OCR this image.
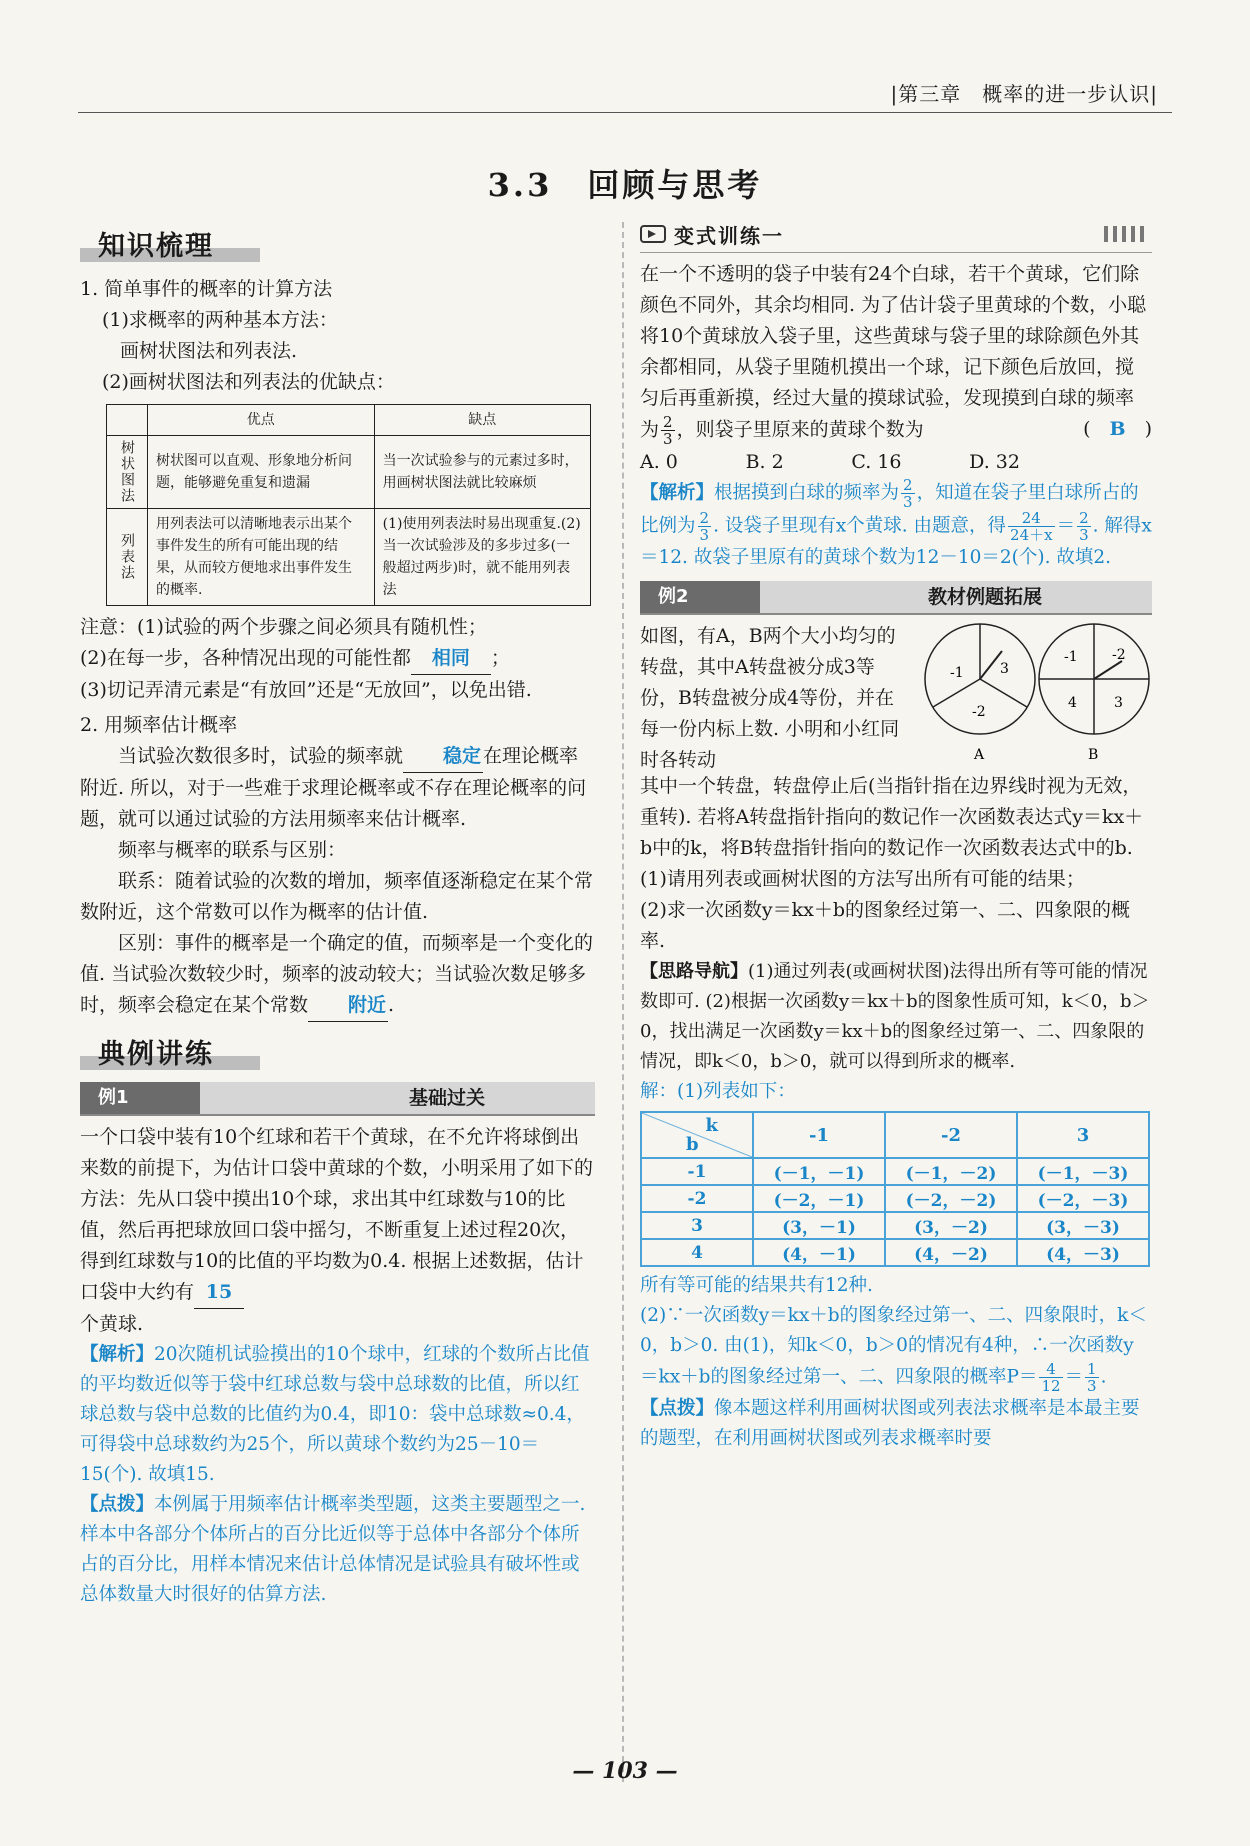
|第三章　概率的进一步认识|
3.3　回顾与思考
知识梳理

1. 简单事件的概率的计算方法

(1)求概率的两种基本方法：

画树状图法和列表法.

(2)画树状图法和列表法的优缺点：

	优点	缺点
树状图法	树状图可以直观、形象地分析问题，能够避免重复和遗漏	当一次试验参与的元素过多时，用画树状图法就比较麻烦
列表法	用列表法可以清晰地表示出某个事件发生的所有可能出现的结果，从而较方便地求出事件发生的概率.	(1)使用列表法时易出现重复.(2)当一次试验涉及的多步过多(一般超过两步)时，就不能用列表法

注意：(1)试验的两个步骤之间必须具有随机性；

(2)在每一步，各种情况出现的可能性都 相同 ；

(3)切记弄清元素是“有放回”还是“无放回”，以免出错.

2. 用频率估计概率

当试验次数很多时，试验的频率就 稳定 在理论概率附近. 所以，对于一些难于求理论概率或不存在理论概率的问题，就可以通过试验的方法用频率来估计概率.

频率与概率的联系与区别：

联系：随着试验的次数的增加，频率值逐渐稳定在某个常数附近，这个常数可以作为概率的估计值.

区别：事件的概率是一个确定的值，而频率是一个变化的值. 当试验次数较少时，频率的波动较大；当试验次数足够多时，频率会稳定在某个常数 附近 .

典例讲练
例1	基础过关

一个口袋中装有10个红球和若干个黄球，在不允许将球倒出来数的前提下，为估计口袋中黄球的个数，小明采用了如下的方法：先从口袋中摸出10个球，求出其中红球数与10的比值，然后再把球放回口袋中摇匀，不断重复上述过程20次，得到红球数与10的比值的平均数为0.4. 根据上述数据，估计口袋中大约有 15

个黄球.

【解析】20次随机试验摸出的10个球中，红球的个数所占比值的平均数近似等于袋中红球总数与袋中总球数的比值，所以红球总数与袋中总数的比值约为0.4，即10：袋中总球数≈0.4，可得袋中总球数约为25个，所以黄球个数约为25－10＝15(个). 故填15.

【点拨】本例属于用频率估计概率类型题，这类主要题型之一. 样本中各部分个体所占的百分比近似等于总体中各部分个体所占的百分比，用样本情况来估计总体情况是试验具有破坏性或总体数量大时很好的估算方法.

变式训练一

在一个不透明的袋子中装有24个白球，若干个黄球，它们除颜色不同外，其余均相同. 为了估计袋子里黄球的个数，小聪将10个黄球放入袋子里，这些黄球与袋子里的球除颜色外其余都相同，从袋子里随机摸出一个球，记下颜色后放回，搅匀后再重新摸，经过大量的摸球试验，发现摸到白球的频率为 $\frac{2}{3}$ ，则袋子里原来的黄球个数为	(　B　)

A. 0	B. 2	C. 16	D. 32

【解析】根据摸到白球的频率为 $\frac{2}{3}$ ，知道在袋子里白球所占的比例为 $\frac{2}{3}$ . 设袋子里现有x个黄球. 由题意，得 $\frac{24}{24+x} = \frac{2}{3}$ . 解得x＝12. 故袋子里原有的黄球个数为12－10＝2(个). 故填2.

例2	教材例题拓展

如图，有A，B两个大小均匀的转盘，其中A转盘被分成3等份，B转盘被分成4等份，并在每一份内标上数. 小明和小红同时各转动

3
-1
-2
A
-1 -2
4	3
B

其中一个转盘，转盘停止后(当指针指在边界线时视为无效，重转). 若将A转盘指针指向的数记作一次函数表达式y＝kx＋b中的k，将B转盘指针指向的数记作一次函数表达式中的b.

(1)请用列表或画树状图的方法写出所有可能的结果；

(2)求一次函数y＝kx＋b的图象经过第一、二、四象限的概率.

【思路导航】(1)通过列表(或画树状图)法得出所有等可能的情况数即可. (2)根据一次函数y＝kx＋b的图象性质可知，k＜0，b＞0，找出满足一次函数y＝kx＋b的图象经过第一、二、四象限的情况，即k＜0，b＞0，就可以得到所求的概率.

解：(1)列表如下：

k
b	-1	-2	3
-1	(－1，－1)	(－1，－2)	(－1，－3)
-2	(－2，－1)	(－2，－2)	(－2，－3)
3	(3，－1)	(3，－2)	(3，－3)
4	(4，－1)	(4，－2)	(4，－3)

所有等可能的结果共有12种.

(2)∵一次函数y＝kx＋b的图象经过第一、二、四象限时，k＜0，b＞0. 由(1)，知k＜0，b＞0的情况有4种，∴一次函数y＝kx＋b的图象经过第一、二、四象限的概率$P= \frac{4}{12} = \frac{1}{3}$ .

【点拨】像本题这样利用画树状图或列表法求概率是本最主要的题型，在利用画树状图或列表求概率时要

— 103 —
